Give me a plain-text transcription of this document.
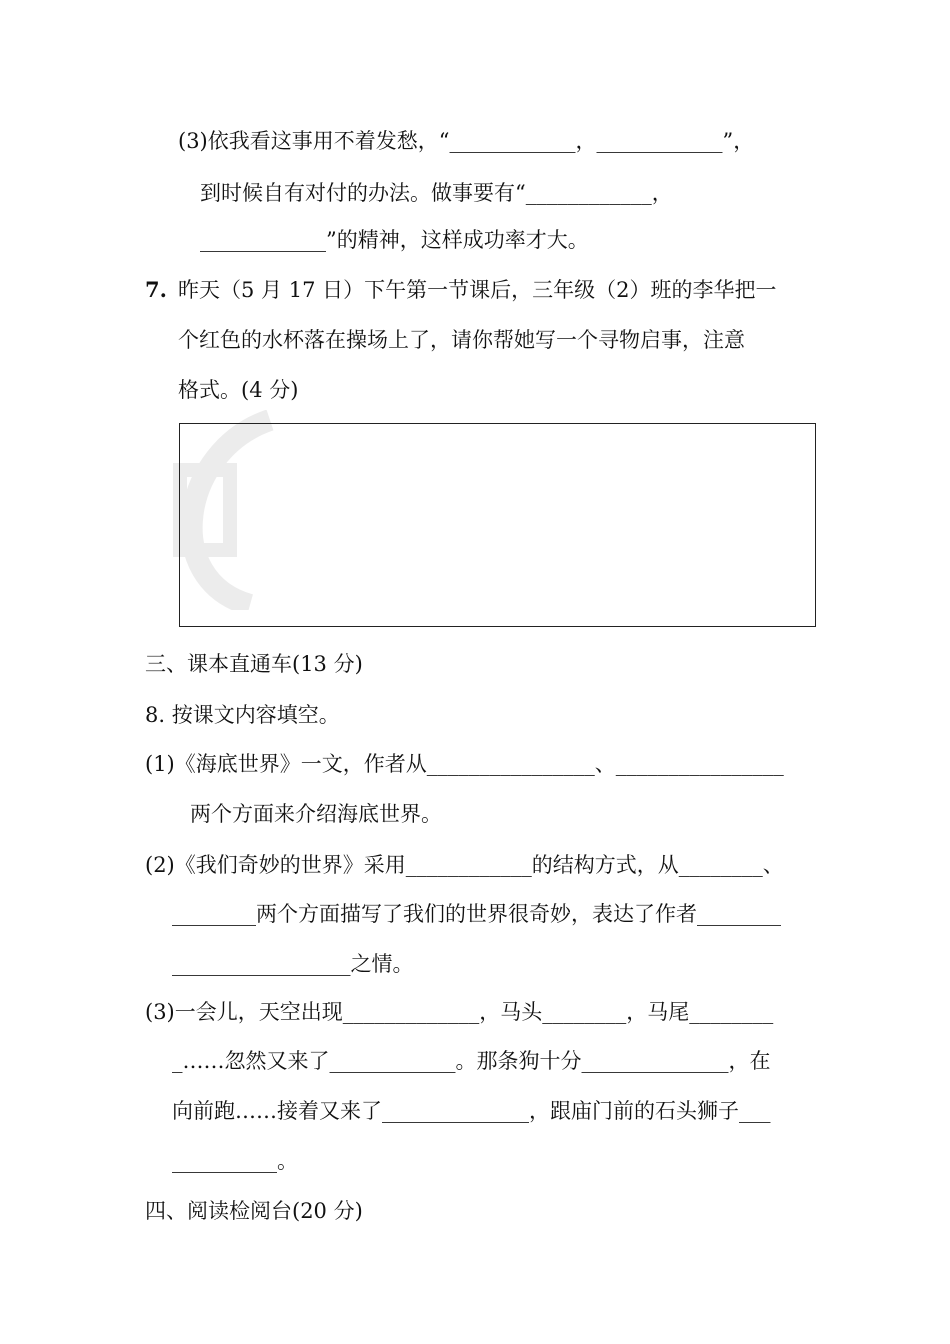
(3)依我看这事用不着发愁，“____________，____________”，

到时候自有对付的办法。做事要有“____________，

____________”的精神，这样成功率才大。

7. 昨天（5 月 17 日）下午第一节课后，三年级（2）班的李华把一

个红色的水杯落在操场上了，请你帮她写一个寻物启事，注意

格式。(4 分)

三、课本直通车(13 分)

8. 按课文内容填空。

(1)《海底世界》一文，作者从________________、________________

两个方面来介绍海底世界。

(2)《我们奇妙的世界》采用____________的结构方式，从________、

________两个方面描写了我们的世界很奇妙，表达了作者________

_________________之情。

(3)一会儿，天空出现_____________，马头________，马尾________

_……忽然又来了____________。那条狗十分______________，在

向前跑……接着又来了______________，跟庙门前的石头狮子___

__________。

四、阅读检阅台(20 分)
